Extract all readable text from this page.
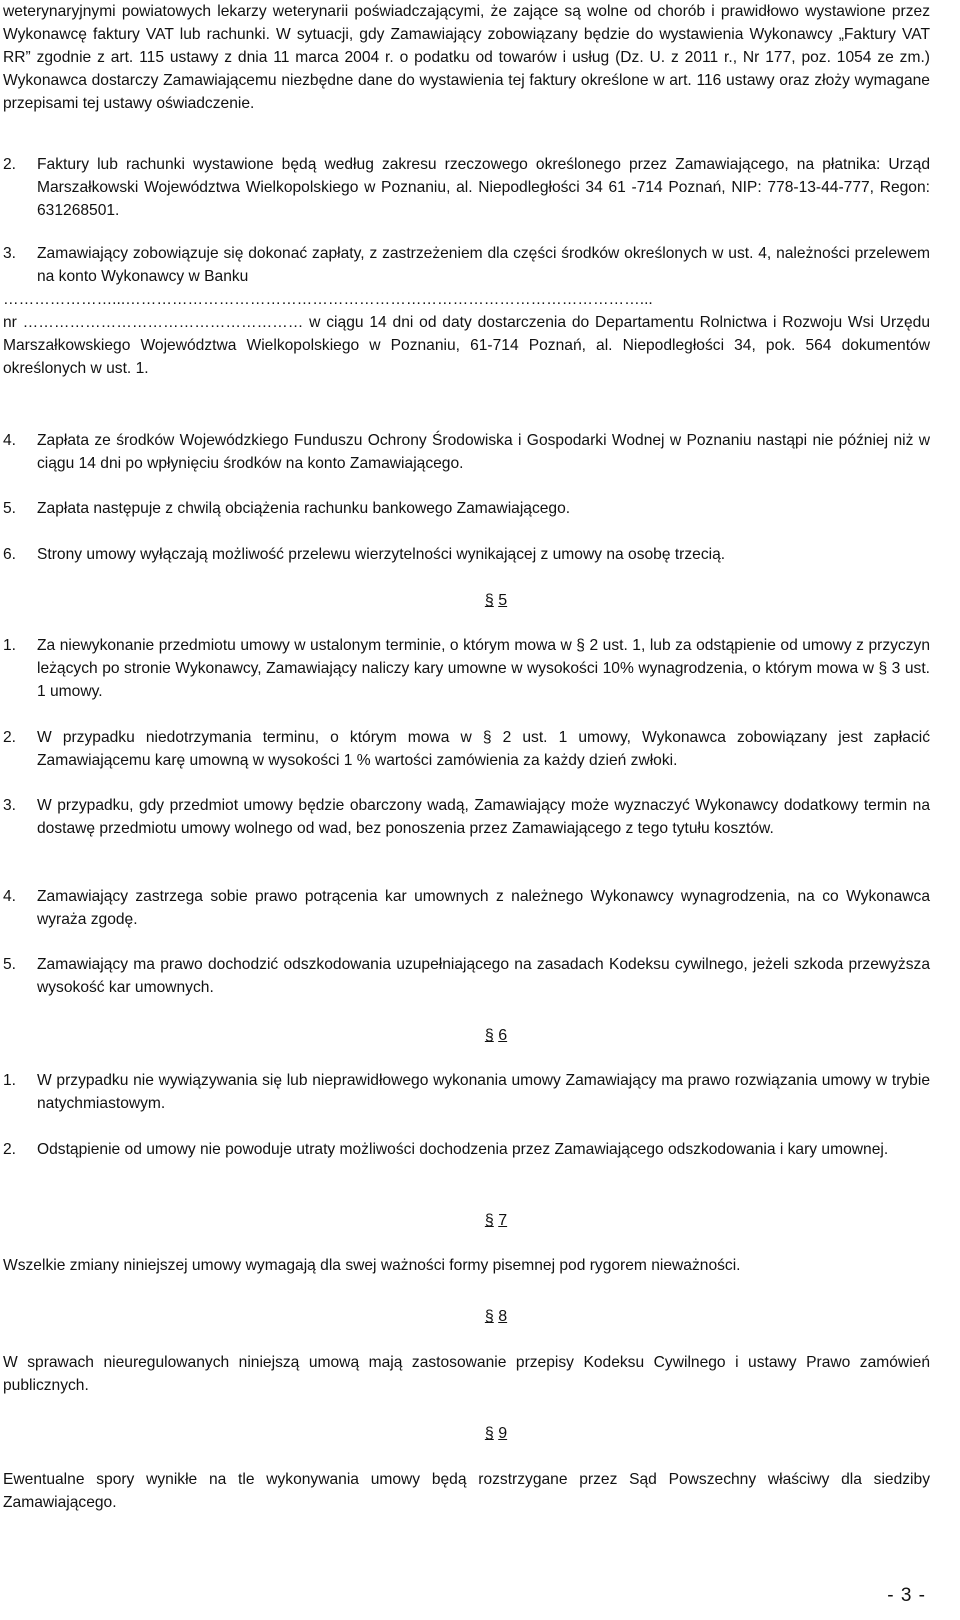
weterynaryjnymi powiatowych lekarzy weterynarii poświadczającymi, że zające są wolne od chorób i prawidłowo wystawione przez Wykonawcę faktury VAT lub rachunki. W sytuacji, gdy Zamawiający zobowiązany będzie do wystawienia Wykonawcy „Faktury VAT RR” zgodnie z art. 115 ustawy z dnia 11 marca 2004 r. o podatku od towarów i usług (Dz. U. z 2011 r., Nr 177, poz. 1054 ze zm.) Wykonawca dostarczy Zamawiającemu niezbędne dane do wystawienia tej faktury określone w art. 116 ustawy oraz złoży wymagane przepisami tej ustawy oświadczenie.
2.	Faktury lub rachunki wystawione będą według zakresu rzeczowego określonego przez Zamawiającego, na płatnika: Urząd Marszałkowski Województwa Wielkopolskiego w Poznaniu, al. Niepodległości 34 61 -714 Poznań, NIP: 778-13-44-777, Regon: 631268501.
3.	Zamawiający zobowiązuje się dokonać zapłaty, z zastrzeżeniem dla części środków określonych w ust. 4, należności przelewem na konto Wykonawcy w Banku
…………………...………………………………………………………………………………………...
nr ……………………………………………… w ciągu 14 dni od daty dostarczenia do Departamentu Rolnictwa i Rozwoju Wsi Urzędu Marszałkowskiego Województwa Wielkopolskiego w Poznaniu, 61-714 Poznań, al. Niepodległości 34, pok. 564 dokumentów określonych w ust. 1.
4.	Zapłata ze środków Wojewódzkiego Funduszu Ochrony Środowiska i Gospodarki Wodnej w Poznaniu nastąpi nie później niż w ciągu 14 dni po wpłynięciu środków na konto Zamawiającego.
5.	Zapłata następuje z chwilą obciążenia rachunku bankowego Zamawiającego.
6.	Strony umowy wyłączają możliwość przelewu wierzytelności wynikającej z umowy na osobę trzecią.
§ 5
1.	Za niewykonanie przedmiotu umowy w ustalonym terminie, o którym mowa w § 2 ust. 1, lub za odstąpienie od umowy z przyczyn leżących po stronie Wykonawcy, Zamawiający naliczy kary umowne w wysokości 10% wynagrodzenia, o którym mowa w § 3 ust. 1 umowy.
2.	W przypadku niedotrzymania terminu, o którym mowa w § 2 ust. 1 umowy, Wykonawca zobowiązany jest zapłacić Zamawiającemu karę umowną w wysokości 1 % wartości zamówienia za każdy dzień zwłoki.
3.	W przypadku, gdy przedmiot umowy będzie obarczony wadą, Zamawiający może wyznaczyć Wykonawcy dodatkowy termin na dostawę przedmiotu umowy wolnego od wad, bez ponoszenia przez Zamawiającego z tego tytułu kosztów.
4.	Zamawiający zastrzega sobie prawo potrącenia kar umownych z należnego Wykonawcy wynagrodzenia, na co Wykonawca wyraża zgodę.
5.	Zamawiający ma prawo dochodzić odszkodowania uzupełniającego na zasadach Kodeksu cywilnego, jeżeli szkoda przewyższa wysokość kar umownych.
§ 6
1.	W przypadku nie wywiązywania się lub nieprawidłowego wykonania umowy Zamawiający ma prawo rozwiązania umowy w trybie natychmiastowym.
2.	Odstąpienie od umowy nie powoduje utraty możliwości dochodzenia przez Zamawiającego odszkodowania i kary umownej.
§ 7
Wszelkie zmiany niniejszej umowy wymagają dla swej ważności formy pisemnej pod rygorem nieważności.
§ 8
W sprawach nieuregulowanych niniejszą umową mają zastosowanie przepisy Kodeksu Cywilnego i ustawy Prawo zamówień publicznych.
§ 9
Ewentualne spory wynikłe na tle wykonywania umowy będą rozstrzygane przez Sąd Powszechny właściwy dla siedziby Zamawiającego.
- 3 -
